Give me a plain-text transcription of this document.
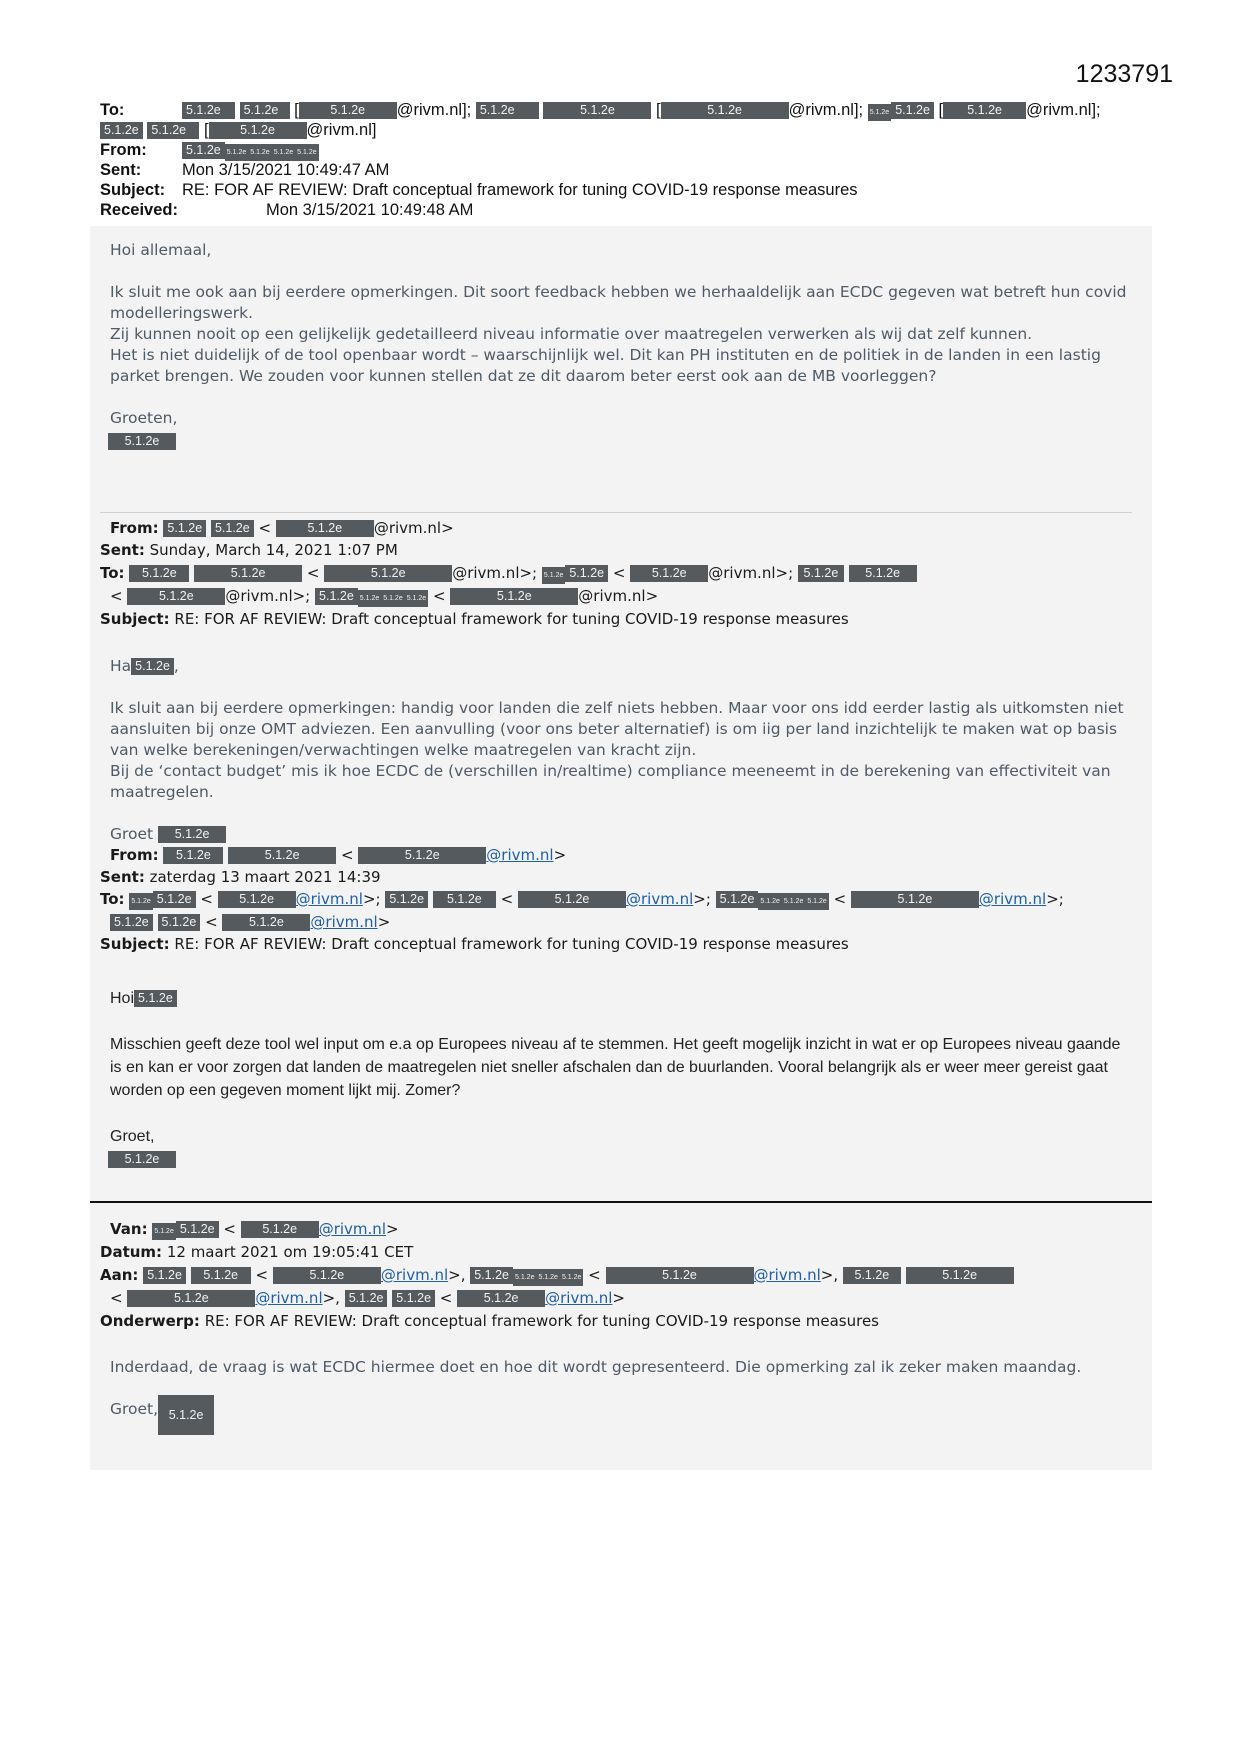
1233791
To:	5.1.2e 5.1.2e [	5.1.2e @rivm.nl]; 5.1.2e	5.1.2e [	5.1.2e	@rivm.nl]; 5.1.2e 5.1.2e [ 5.1.2e @rivm.nl];
5.1.2e 5.1.2e [	5.1.2e @rivm.nl]
From:	5.1.2e 5.1.2e 5.1.2e 5.1.2e 5.1.2e
Sent: Mon 3/15/2021 10:49:47 AM
Subject: RE: FOR AF REVIEW: Draft conceptual framework for tuning COVID-19 response measures
Received:	Mon 3/15/2021 10:49:48 AM

Hoi allemaal,

Ik sluit me ook aan bij eerdere opmerkingen. Dit soort feedback hebben we herhaaldelijk aan ECDC gegeven wat betreft hun covid modelleringswerk.

Zij kunnen nooit op een gelijkelijk gedetailleerd niveau informatie over maatregelen verwerken als wij dat zelf kunnen.

Het is niet duidelijk of de tool openbaar wordt – waarschijnlijk wel. Dit kan PH instituten en de politiek in de landen in een lastig parket brengen. We zouden voor kunnen stellen dat ze dit daarom beter eerst ook aan de MB voorleggen?

Groeten,

5.1.2e

From: 5.1.2e 5.1.2e <	5.1.2e @rivm.nl>
Sent: Sunday, March 14, 2021 1:07 PM
To: 5.1.2e	5.1.2e <	5.1.2e	@rivm.nl>; 5.1.2e 5.1.2e < 5.1.2e @rivm.nl>; 5.1.2e 5.1.2e
<	5.1.2e @rivm.nl>; 5.1.2e 5.1.2e 5.1.2e 5.1.2e <	5.1.2e	@rivm.nl>
Subject: RE: FOR AF REVIEW: Draft conceptual framework for tuning COVID-19 response measures

Ha 5.1.2e ,

Ik sluit aan bij eerdere opmerkingen: handig voor landen die zelf niets hebben. Maar voor ons idd eerder lastig als uitkomsten niet aansluiten bij onze OMT adviezen. Een aanvulling (voor ons beter alternatief) is om iig per land inzichtelijk te maken wat op basis van welke berekeningen/verwachtingen welke maatregelen van kracht zijn.

Bij de ‘contact budget’ mis ik hoe ECDC de (verschillen in/realtime) compliance meeneemt in de berekening van effectiviteit van maatregelen.

Groet 5.1.2e

From: 5.1.2e	5.1.2e <	5.1.2e	@rivm.nl>
Sent: zaterdag 13 maart 2021 14:39
To: 5.1.2e 5.1.2e < 5.1.2e @rivm.nl>; 5.1.2e 5.1.2e <	5.1.2e @rivm.nl>; 5.1.2e 5.1.2e 5.1.2e 5.1.2e <	5.1.2e	@rivm.nl>;
5.1.2e 5.1.2e < 5.1.2e @rivm.nl>
Subject: RE: FOR AF REVIEW: Draft conceptual framework for tuning COVID-19 response measures

Hoi 5.1.2e

Misschien geeft deze tool wel input om e.a op Europees niveau af te stemmen. Het geeft mogelijk inzicht in wat er op Europees niveau gaande is en kan er voor zorgen dat landen de maatregelen niet sneller afschalen dan de buurlanden. Vooral belangrijk als er weer meer gereist gaat worden op een gegeven moment lijkt mij. Zomer?

Groet,

5.1.2e

Van: 5.1.2e 5.1.2e < 5.1.2e @rivm.nl>
Datum: 12 maart 2021 om 19:05:41 CET
Aan: 5.1.2e 5.1.2e <	5.1.2e @rivm.nl>, 5.1.2e 5.1.2e 5.1.2e 5.1.2e <	5.1.2e	@rivm.nl>, 5.1.2e	5.1.2e
<	5.1.2e	@rivm.nl>, 5.1.2e 5.1.2e < 5.1.2e @rivm.nl>
Onderwerp: RE: FOR AF REVIEW: Draft conceptual framework for tuning COVID-19 response measures

Inderdaad, de vraag is wat ECDC hiermee doet en hoe dit wordt gepresenteerd. Die opmerking zal ik zeker maken maandag.

Groet, 5.1.2e
